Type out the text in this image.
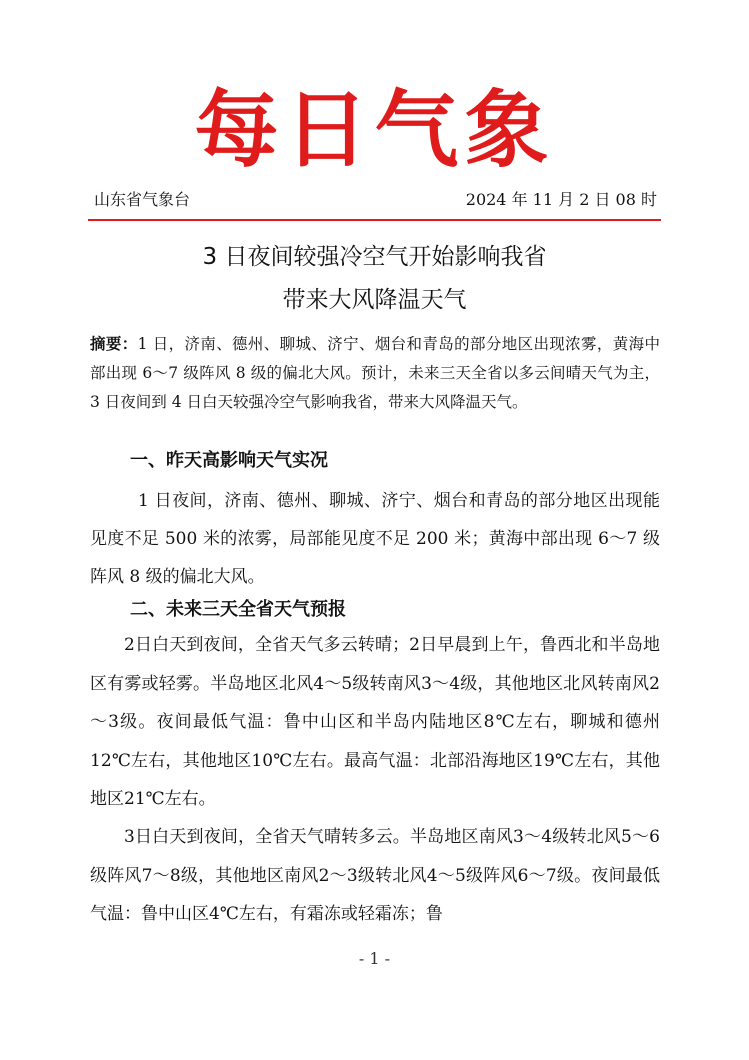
每日气象
山东省气象台	2024 年 11 月 2 日 08 时
3 日夜间较强冷空气开始影响我省
带来大风降温天气
摘要：1 日，济南、德州、聊城、济宁、烟台和青岛的部分地区出现浓雾，黄海中部出现 6～7 级阵风 8 级的偏北大风。预计，未来三天全省以多云间晴天气为主，3 日夜间到 4 日白天较强冷空气影响我省，带来大风降温天气。
一、昨天高影响天气实况
1 日夜间，济南、德州、聊城、济宁、烟台和青岛的部分地区出现能见度不足 500 米的浓雾，局部能见度不足 200 米；黄海中部出现 6～7 级阵风 8 级的偏北大风。
二、未来三天全省天气预报
2日白天到夜间，全省天气多云转晴；2日早晨到上午，鲁西北和半岛地区有雾或轻雾。半岛地区北风4～5级转南风3～4级，其他地区北风转南风2～3级。夜间最低气温：鲁中山区和半岛内陆地区8℃左右，聊城和德州12℃左右，其他地区10℃左右。最高气温：北部沿海地区19℃左右，其他地区21℃左右。
3日白天到夜间，全省天气晴转多云。半岛地区南风3～4级转北风5～6级阵风7～8级，其他地区南风2～3级转北风4～5级阵风6～7级。夜间最低气温：鲁中山区4℃左右，有霜冻或轻霜冻；鲁
- 1 -
